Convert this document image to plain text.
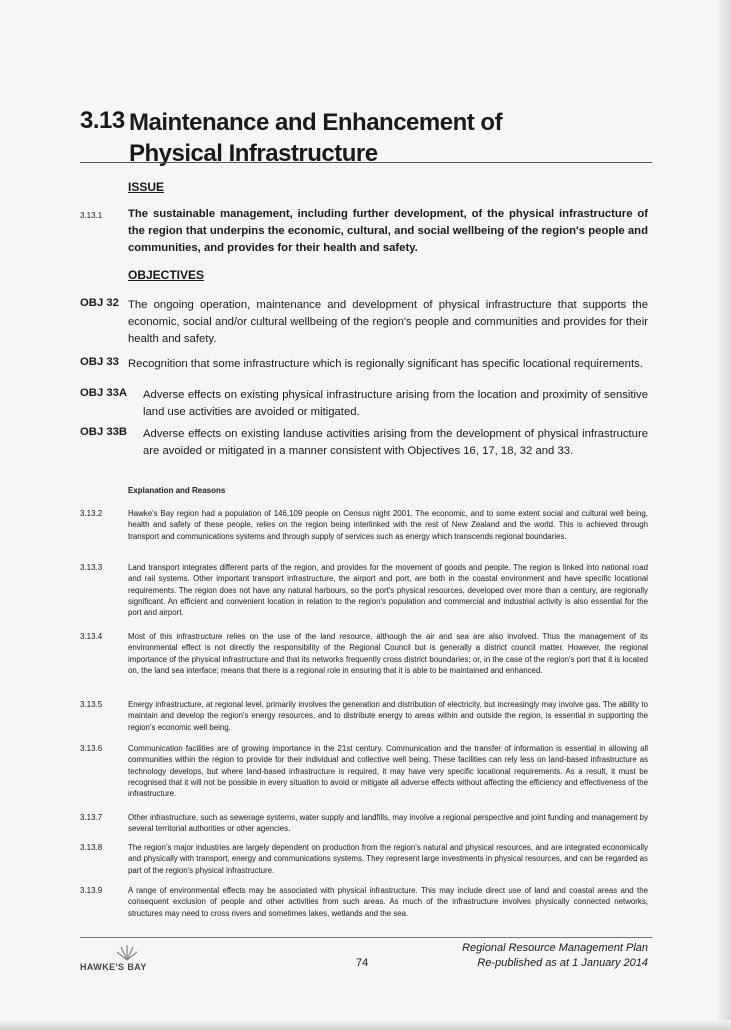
3.13 Maintenance and Enhancement of Physical Infrastructure
ISSUE
3.13.1 The sustainable management, including further development, of the physical infrastructure of the region that underpins the economic, cultural, and social wellbeing of the region's people and communities, and provides for their health and safety.
OBJECTIVES
OBJ 32 The ongoing operation, maintenance and development of physical infrastructure that supports the economic, social and/or cultural wellbeing of the region's people and communities and provides for their health and safety.
OBJ 33 Recognition that some infrastructure which is regionally significant has specific locational requirements.
OBJ 33A Adverse effects on existing physical infrastructure arising from the location and proximity of sensitive land use activities are avoided or mitigated.
OBJ 33B Adverse effects on existing landuse activities arising from the development of physical infrastructure are avoided or mitigated in a manner consistent with Objectives 16, 17, 18, 32 and 33.
Explanation and Reasons
3.13.2	Hawke's Bay region had a population of 146,109 people on Census night 2001. The economic, and to some extent social and cultural well being, health and safety of these people, relies on the region being interlinked with the rest of New Zealand and the world. This is achieved through transport and communications systems and through supply of services such as energy which transcends regional boundaries.
3.13.3	Land transport integrates different parts of the region, and provides for the movement of goods and people. The region is linked into national road and rail systems. Other important transport infrastructure, the airport and port, are both in the coastal environment and have specific locational requirements. The region does not have any natural harbours, so the port's physical resources, developed over more than a century, are regionally significant. An efficient and convenient location in relation to the region's population and commercial and industrial activity is also essential for the port and airport.
3.13.4	Most of this infrastructure relies on the use of the land resource, although the air and sea are also involved. Thus the management of its environmental effect is not directly the responsibility of the Regional Council but is generally a district council matter. However, the regional importance of the physical infrastructure and that its networks frequently cross district boundaries; or, in the case of the region's port that it is located on, the land sea interface; means that there is a regional role in ensuring that it is able to be maintained and enhanced.
3.13.5	Energy infrastructure, at regional level, primarily involves the generation and distribution of electricity, but increasingly may involve gas. The ability to maintain and develop the region's energy resources, and to distribute energy to areas within and outside the region, is essential in supporting the region's economic well being.
3.13.6	Communication facilities are of growing importance in the 21st century. Communication and the transfer of information is essential in allowing all communities within the region to provide for their individual and collective well being. These facilities can rely less on land-based infrastructure as technology develops, but where land-based infrastructure is required, it may have very specific locational requirements. As a result, it must be recognised that it will not be possible in every situation to avoid or mitigate all adverse effects without affecting the efficiency and effectiveness of the infrastructure.
3.13.7	Other infrastructure, such as sewerage systems, water supply and landfills, may involve a regional perspective and joint funding and management by several territorial authorities or other agencies.
3.13.8	The region's major industries are largely dependent on production from the region's natural and physical resources, and are integrated economically and physically with transport, energy and communications systems. They represent large investments in physical resources, and can be regarded as part of the region's physical infrastructure.
3.13.9	A range of environmental effects may be associated with physical infrastructure. This may include direct use of land and coastal areas and the consequent exclusion of people and other activities from such areas. As much of the infrastructure involves physically connected networks, structures may need to cross rivers and sometimes lakes, wetlands and the sea.
HAWKE'S BAY	74
Regional Resource Management Plan
Re-published as at 1 January 2014
